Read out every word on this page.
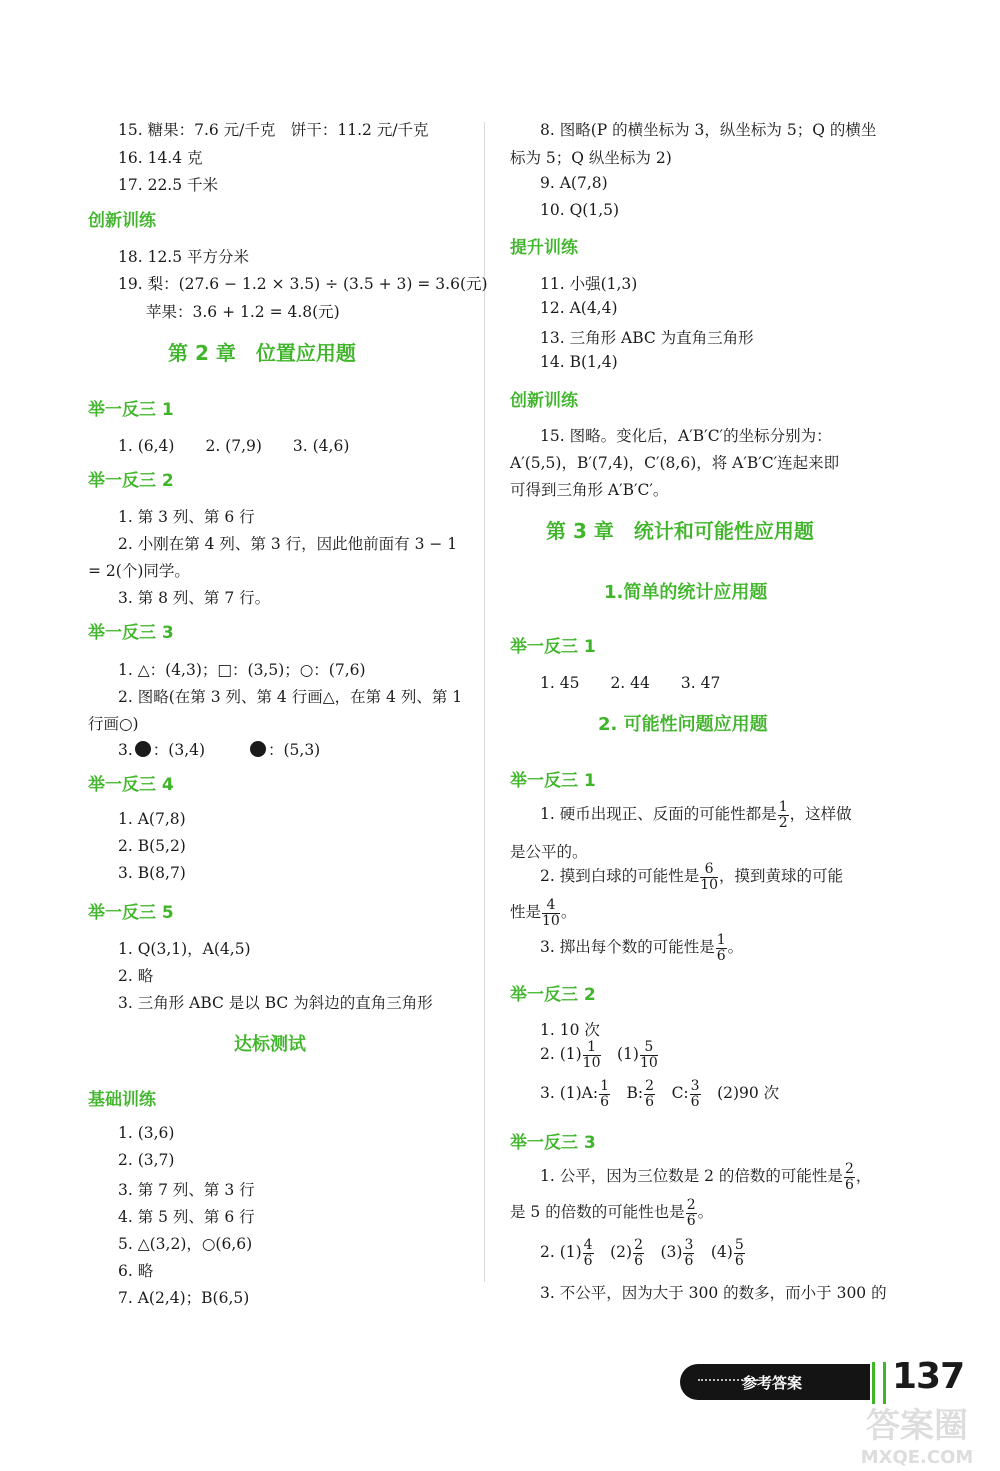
15. 糖果：7.6 元/千克　饼干：11.2 元/千克
16. 14.4 克
17. 22.5 千米
创新训练
18. 12.5 平方分米
19. 梨：(27.6 − 1.2 × 3.5) ÷ (3.5 + 3) = 3.6(元)
苹果：3.6 + 1.2 = 4.8(元)
第 2 章　位置应用题
举一反三 1
1. (6,4)　　2. (7,9)　　3. (4,6)
举一反三 2
1. 第 3 列、第 6 行
2. 小刚在第 4 列、第 3 行，因此他前面有 3 − 1
= 2(个)同学。
3. 第 8 列、第 7 行。
举一反三 3
1. △：(4,3)；□：(3,5)；○：(7,6)
2. 图略(在第 3 列、第 4 行画△，在第 4 列、第 1
行画○)
3. ：(3,4)	：(5,3)
举一反三 4
1. A(7,8)
2. B(5,2)
3. B(8,7)
举一反三 5
1. Q(3,1)，A(4,5)
2. 略
3. 三角形 ABC 是以 BC 为斜边的直角三角形
达标测试
基础训练
1. (3,6)
2. (3,7)
3. 第 7 列、第 3 行
4. 第 5 列、第 6 行
5. △(3,2)，○(6,6)
6. 略
7. A(2,4)；B(6,5)
8. 图略(P 的横坐标为 3，纵坐标为 5；Q 的横坐
标为 5；Q 纵坐标为 2)
9. A(7,8)
10. Q(1,5)
提升训练
11. 小强(1,3)
12. A(4,4)
13. 三角形 ABC 为直角三角形
14. B(1,4)
创新训练
15. 图略。变化后，A′B′C′的坐标分别为：
A′(5,5)，B′(7,4)，C′(8,6)，将 A′B′C′连起来即
可得到三角形 A′B′C′。
第 3 章　统计和可能性应用题
1.简单的统计应用题
举一反三 1
1. 45　　2. 44　　3. 47
2. 可能性问题应用题
举一反三 1
1. 硬币出现正、反面的可能性都是 $\frac{1}{2}$ ，这样做
是公平的。
2. 摸到白球的可能性是 $\frac{6}{10}$ ，摸到黄球的可能
性是 $\frac{4}{10}$ 。
3. 掷出每个数的可能性是 $\frac{1}{6}$ 。
举一反三 2
1. 10 次
2. $(1) \frac{1}{10}$ 　$(1) \frac{5}{10}$
3. (1)A: $\frac{1}{6}$ 　B: $\frac{2}{6}$ 　C: $\frac{3}{6}$ 　(2)90 次
举一反三 3
1. 公平，因为三位数是 2 的倍数的可能性是 $\frac{2}{6}$ ，
是 5 的倍数的可能性也是 $\frac{2}{6}$ 。
2. $(1) \frac{4}{6}$ 　$(2) \frac{2}{6}$ 　$(3) \frac{3}{6}$ 　$(4) \frac{5}{6}$
3. 不公平，因为大于 300 的数多，而小于 300 的
参考答案 137
答案圈
MXQE.COM
